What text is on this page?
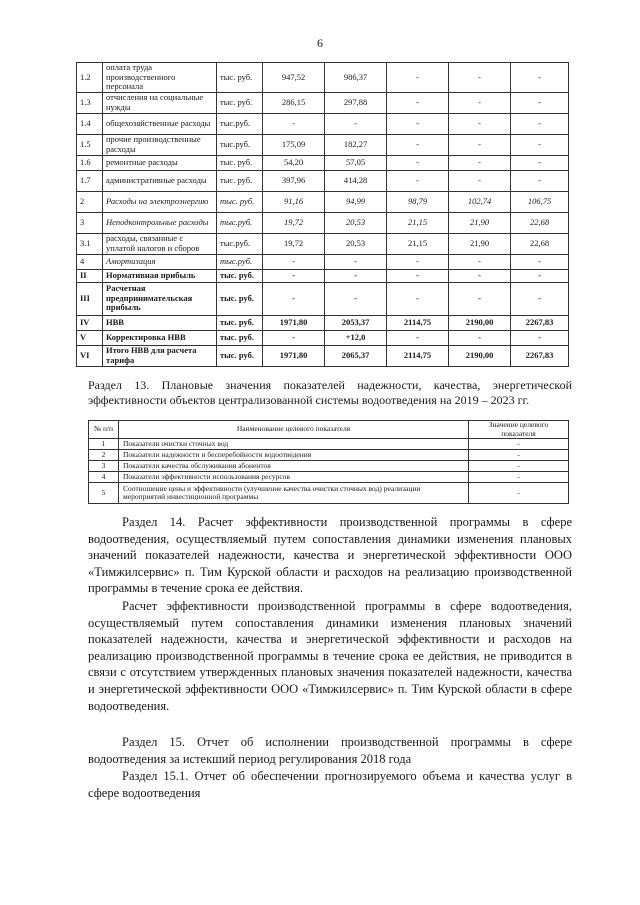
6
1.2	оплата труда производственного персонала	тыс. руб.	947,52	986,37	-	-	-
1.3	отчисления на социальные нужды	тыс. руб.	286,15	297,88	-	-	-
1.4	общехозяйственные расходы	тыс.руб.	-	-	-	-	-
1.5	прочие производственные расходы	тыс.руб.	175,09	182,27	-	-	-
1.6	ремонтные расходы	тыс. руб.	54,20	57,05	-	-	-
1.7	административные расходы	тыс. руб.	397,96	414,28	-	-	-
2	Расходы на электроэнергию	тыс. руб.	91,16	94,99	98,79	102,74	106,75
3	Неподконтрольные расходы	тыс.руб.	19,72	20,53	21,15	21,90	22,68
3.1	расходы, связанные с уплатой налогов и сборов	тыс.руб.	19,72	20,53	21,15	21,90	22,68
4	Амортизация	тыс.руб.	-	-	-	-	-
II	Нормативная прибыль	тыс. руб.	-	-	-	-	-
III	Расчетная предпринимательская прибыль	тыс. руб.	-	-	-	-	-
IV	НВВ	тыс. руб.	1971,80	2053,37	2114,75	2190,00	2267,83
V	Корректировка НВВ	тыс. руб.	-	+12,0	-	-	-
VI	Итого НВВ для расчета тарифа	тыс. руб.	1971,80	2065,37	2114,75	2190,00	2267,83

Раздел 13. Плановые значения показателей надежности, качества, энергетической эффективности объектов централизованной системы водоотведения на 2019 – 2023 гг.

№ п/п	Наименование целевого показателя	Значение целевого показателя
1	Показатели очистки сточных вод	-
2	Показатели надежности и бесперебойности водоотведения	-
3	Показатели качества обслуживания абонентов	-
4	Показатели эффективности использования ресурсов	-
5	Соотношение цены и эффективности (улучшение качества очистки сточных вод) реализации мероприятий инвестиционной программы	-

Раздел 14. Расчет эффективности производственной программы в сфере водоотведения, осуществляемый путем сопоставления динамики изменения плановых значений показателей надежности, качества и энергетической эффективности ООО «Тимжилсервис» п. Тим Курской области и расходов на реализацию производственной программы в течение срока ее действия.

Расчет эффективности производственной программы в сфере водоотведения, осуществляемый путем сопоставления динамики изменения плановых значений показателей надежности, качества и энергетической эффективности и расходов на реализацию производственной программы в течение срока ее действия, не приводится в связи с отсутствием утвержденных плановых значения показателей надежности, качества и энергетической эффективности ООО «Тимжилсервис» п. Тим Курской области в сфере водоотведения.

Раздел 15. Отчет об исполнении производственной программы в сфере водоотведения за истекший период регулирования 2018 года

Раздел 15.1. Отчет об обеспечении прогнозируемого объема и качества услуг в сфере водоотведения
